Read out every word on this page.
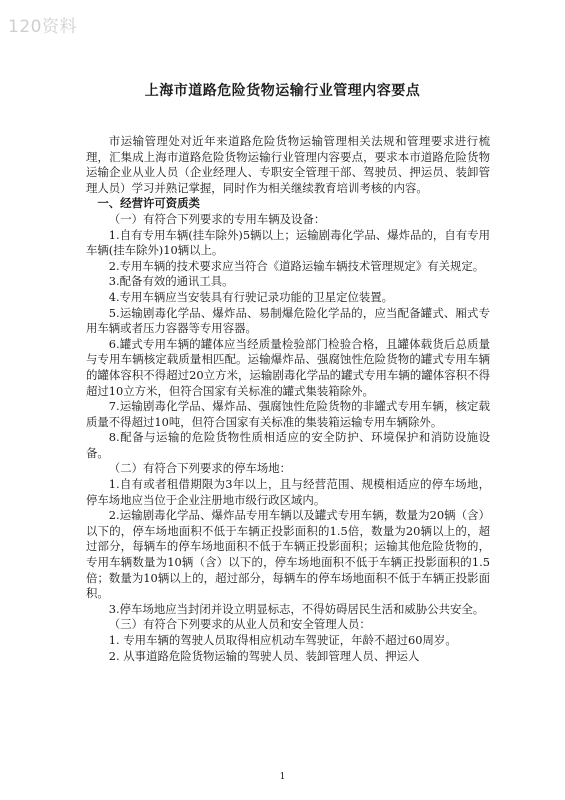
120资料
上海市道路危险货物运输行业管理内容要点

市运输管理处对近年来道路危险货物运输管理相关法规和管理要求进行梳理，汇集成上海市道路危险货物运输行业管理内容要点，要求本市道路危险货物运输企业从业人员（企业经理人、专职安全管理干部、驾驶员、押运员、装卸管理人员）学习并熟记掌握，同时作为相关继续教育培训考核的内容。

一、经营许可资质类

（一）有符合下列要求的专用车辆及设备：

1.自有专用车辆(挂车除外)5辆以上；运输剧毒化学品、爆炸品的，自有专用车辆(挂车除外)10辆以上。

2.专用车辆的技术要求应当符合《道路运输车辆技术管理规定》有关规定。

3.配备有效的通讯工具。

4.专用车辆应当安装具有行驶记录功能的卫星定位装置。

5.运输剧毒化学品、爆炸品、易制爆危险化学品的，应当配备罐式、厢式专用车辆或者压力容器等专用容器。

6.罐式专用车辆的罐体应当经质量检验部门检验合格，且罐体载货后总质量与专用车辆核定载质量相匹配。运输爆炸品、强腐蚀性危险货物的罐式专用车辆的罐体容积不得超过20立方米，运输剧毒化学品的罐式专用车辆的罐体容积不得超过10立方米，但符合国家有关标准的罐式集装箱除外。

7.运输剧毒化学品、爆炸品、强腐蚀性危险货物的非罐式专用车辆，核定载质量不得超过10吨，但符合国家有关标准的集装箱运输专用车辆除外。

8.配备与运输的危险货物性质相适应的安全防护、环境保护和消防设施设备。

（二）有符合下列要求的停车场地：

1.自有或者租借期限为3年以上，且与经营范围、规模相适应的停车场地，停车场地应当位于企业注册地市级行政区域内。

2.运输剧毒化学品、爆炸品专用车辆以及罐式专用车辆，数量为20辆（含）以下的，停车场地面积不低于车辆正投影面积的1.5倍，数量为20辆以上的，超过部分，每辆车的停车场地面积不低于车辆正投影面积；运输其他危险货物的，专用车辆数量为10辆（含）以下的，停车场地面积不低于车辆正投影面积的1.5倍；数量为10辆以上的，超过部分，每辆车的停车场地面积不低于车辆正投影面积。

3.停车场地应当封闭并设立明显标志，不得妨碍居民生活和威胁公共安全。

（三）有符合下列要求的从业人员和安全管理人员：

1. 专用车辆的驾驶人员取得相应机动车驾驶证，年龄不超过60周岁。

2. 从事道路危险货物运输的驾驶人员、装卸管理人员、押运人

1
